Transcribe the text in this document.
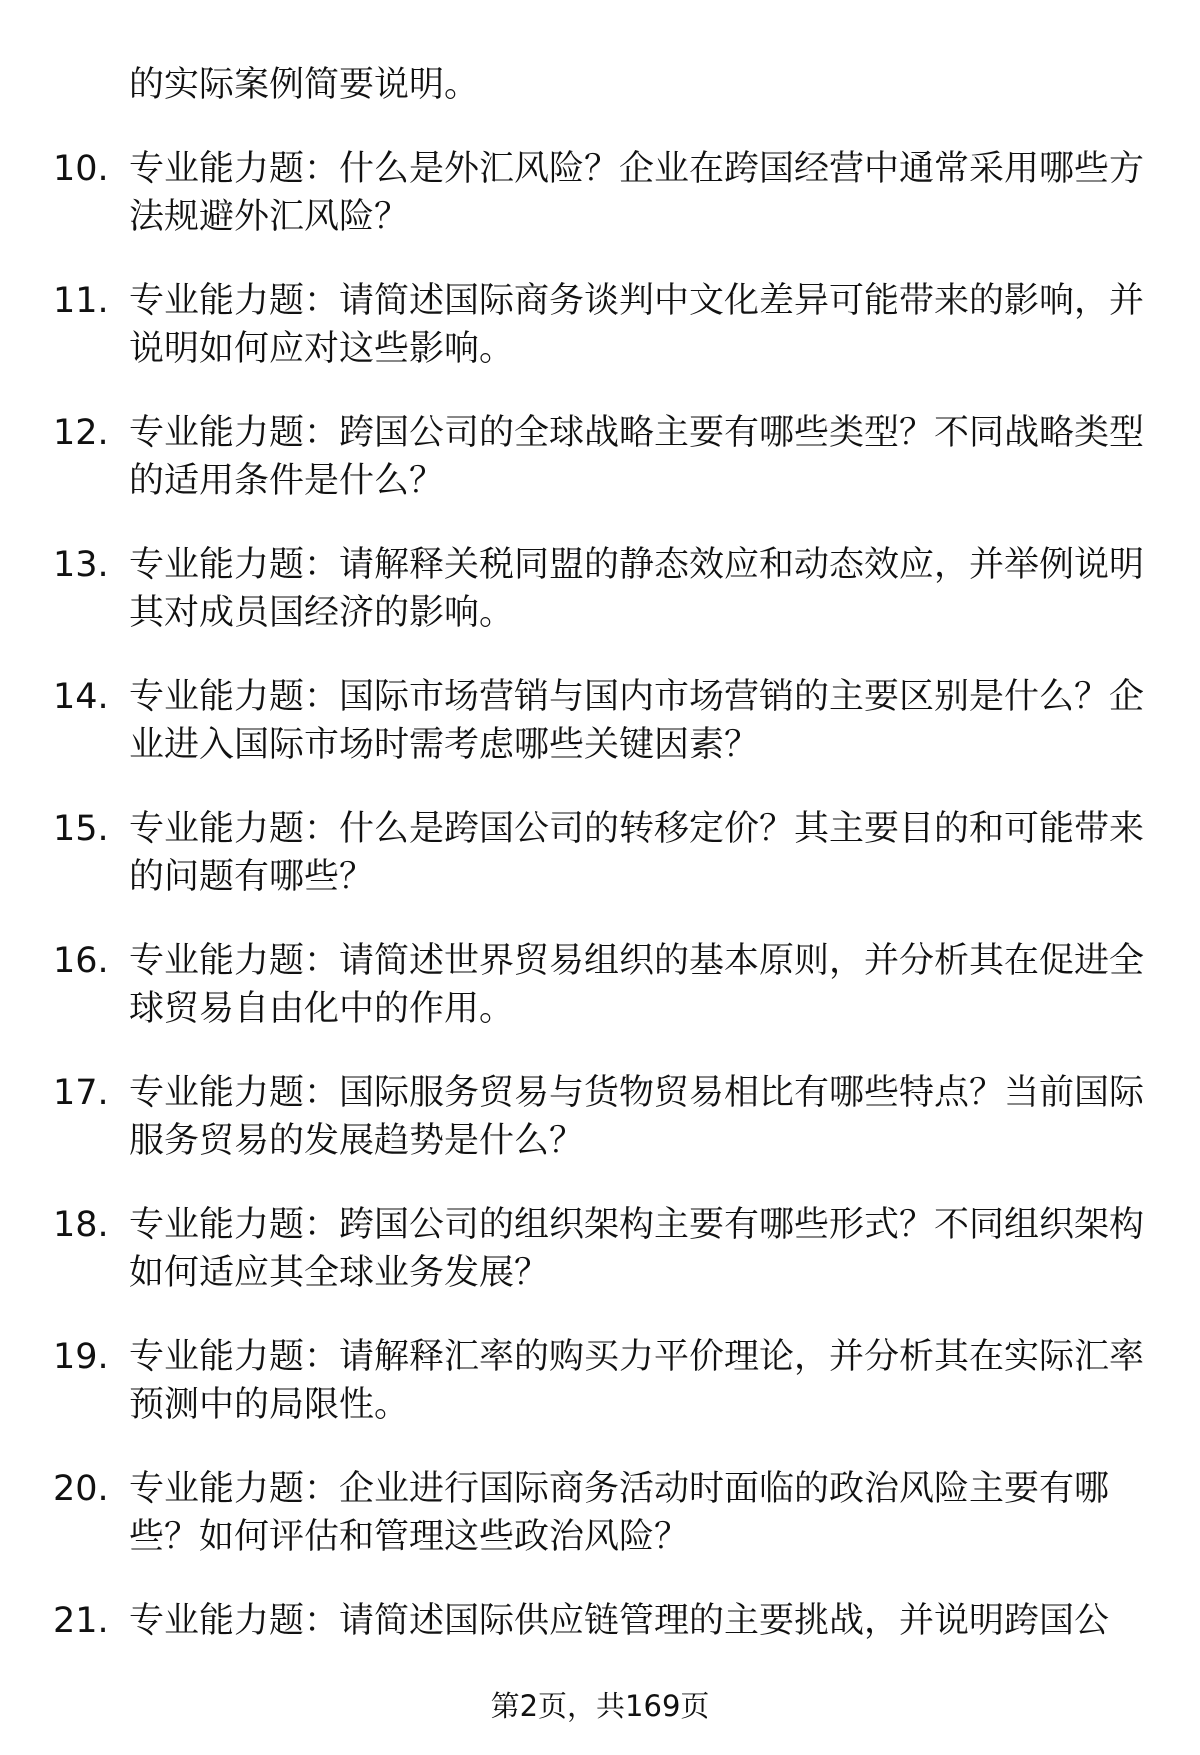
的实际案例简要说明。
10. 专业能力题：什么是外汇风险？企业在跨国经营中通常采用哪些方法规避外汇风险？
11. 专业能力题：请简述国际商务谈判中文化差异可能带来的影响，并说明如何应对这些影响。
12. 专业能力题：跨国公司的全球战略主要有哪些类型？不同战略类型的适用条件是什么？
13. 专业能力题：请解释关税同盟的静态效应和动态效应，并举例说明其对成员国经济的影响。
14. 专业能力题：国际市场营销与国内市场营销的主要区别是什么？企业进入国际市场时需考虑哪些关键因素？
15. 专业能力题：什么是跨国公司的转移定价？其主要目的和可能带来的问题有哪些？
16. 专业能力题：请简述世界贸易组织的基本原则，并分析其在促进全球贸易自由化中的作用。
17. 专业能力题：国际服务贸易与货物贸易相比有哪些特点？当前国际服务贸易的发展趋势是什么？
18. 专业能力题：跨国公司的组织架构主要有哪些形式？不同组织架构如何适应其全球业务发展？
19. 专业能力题：请解释汇率的购买力平价理论，并分析其在实际汇率预测中的局限性。
20. 专业能力题：企业进行国际商务活动时面临的政治风险主要有哪些？如何评估和管理这些政治风险？
21. 专业能力题：请简述国际供应链管理的主要挑战，并说明跨国公
第2页，共169页
